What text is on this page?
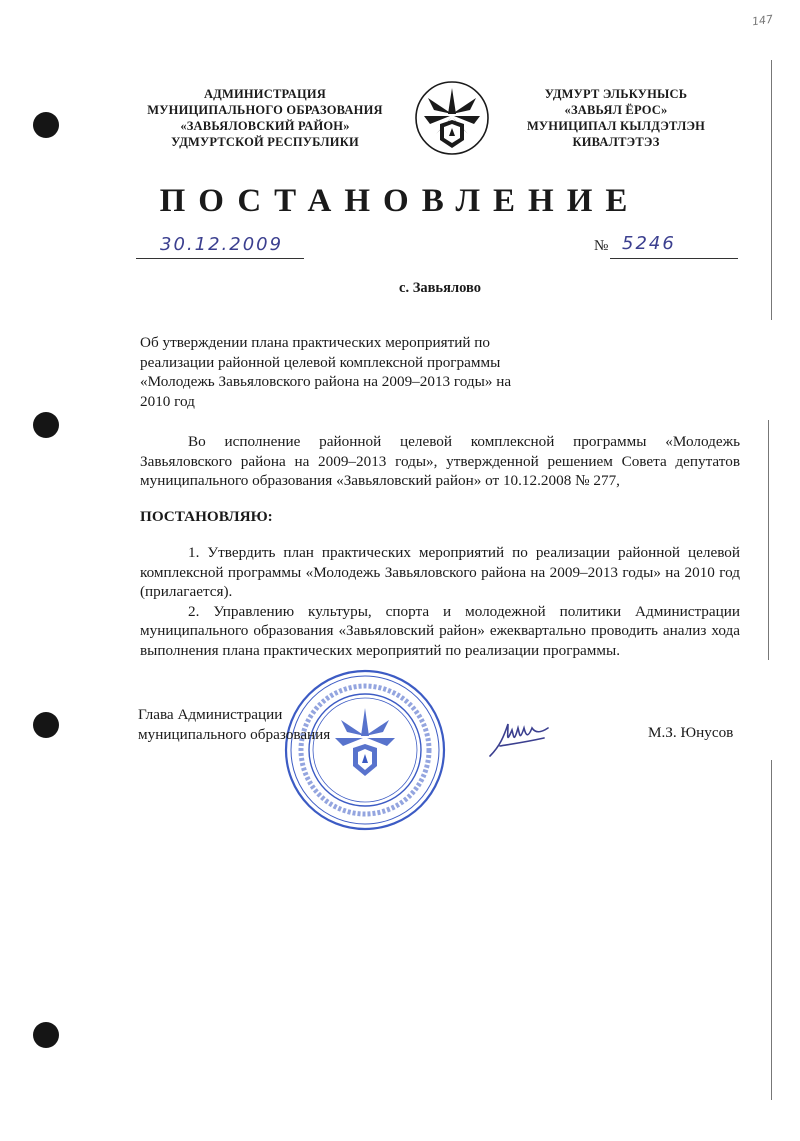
147
АДМИНИСТРАЦИЯ
МУНИЦИПАЛЬНОГО ОБРАЗОВАНИЯ
«ЗАВЬЯЛОВСКИЙ РАЙОН»
УДМУРТСКОЙ РЕСПУБЛИКИ
УДМУРТ ЭЛЬКУНЫСЬ
«ЗАВЬЯЛ ЁРОС»
МУНИЦИПАЛ КЫЛДЭТЛЭН
КИВАЛТЭТЭЗ
ПОСТАНОВЛЕНИЕ
30.12.2009	№ 5246
с. Завьялово
Об утверждении плана практических мероприятий по
реализации районной целевой комплексной программы
«Молодежь Завьяловского района на 2009–2013 годы» на
2010 год

Во исполнение районной целевой комплексной программы «Молодежь Завьяловского района на 2009–2013 годы», утвержденной решением Совета депутатов муниципального образования «Завьяловский район» от 10.12.2008 № 277,

ПОСТАНОВЛЯЮ:

1. Утвердить план практических мероприятий по реализации районной целевой комплексной программы «Молодежь Завьяловского района на 2009–2013 годы» на 2010 год (прилагается).

2. Управлению культуры, спорта и молодежной политики Администрации муниципального образования «Завьяловский район» ежеквартально проводить анализ хода выполнения плана практических мероприятий по реализации программы.

Глава Администрации
муниципального образования	М.З. Юнусов
